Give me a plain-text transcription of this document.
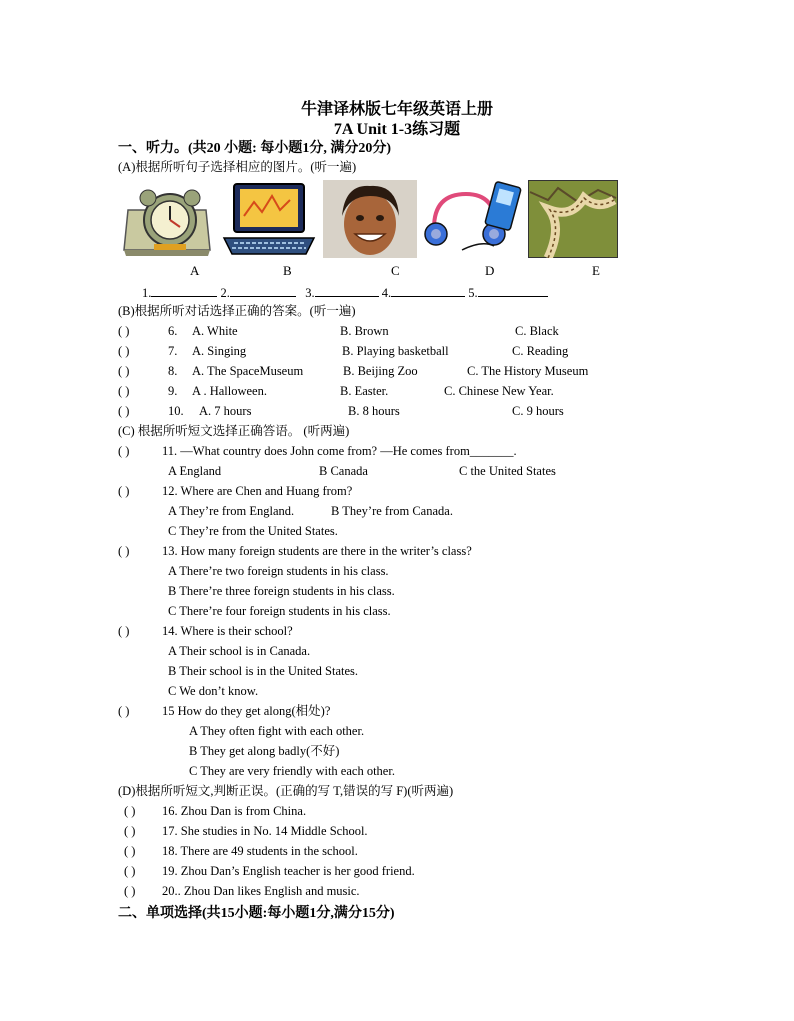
牛津译林版七年级英语上册
7A Unit 1-3练习题
一、听力。(共20 小题: 每小题1分, 满分20分)
(A)根据所听句子选择相应的图片。(听一遍)
A	B	C	D	E
1.	2.	3.	4.	5.
(B)根据所听对话选择正确的答案。(听一遍)
( )	6. A. White	B. Brown	C. Black
( )	7. A. Singing	B. Playing basketball	C. Reading
( )	8. A. The SpaceMuseum	B. Beijing Zoo	C. The History Museum
( )	9. A . Halloween.	B. Easter.	C. Chinese New Year.
( )	10. A. 7 hours	B. 8 hours	C. 9 hours
(C) 根据所听短文选择正确答语。 (听两遍)
( )	11. —What country does John come from? —He comes from_______.
A England	B Canada	C the United States
( )	12. Where are Chen and Huang from?
A They’re from England.	B They’re from Canada.
C They’re from the United States.
( )	13. How many foreign students are there in the writer’s class?
A There’re two foreign students in his class.
B There’re three foreign students in his class.
C There’re four foreign students in his class.
( )	14. Where is their school?
A Their school is in Canada.
B Their school is in the United States.
C We don’t know.
( )	15 How do they get along(相处)?
A They often fight with each other.
B They get along badly(不好)
C They are very friendly with each other.
(D)根据所听短文,判断正误。(正确的写 T,错误的写 F)(听两遍)
( ) 16. Zhou Dan is from China.
( ) 17. She studies in No. 14 Middle School.
( ) 18. There are 49 students in the school.
( ) 19. Zhou Dan’s English teacher is her good friend.
( ) 20.. Zhou Dan likes English and music.
二、单项选择(共15小题:每小题1分,满分15分)
